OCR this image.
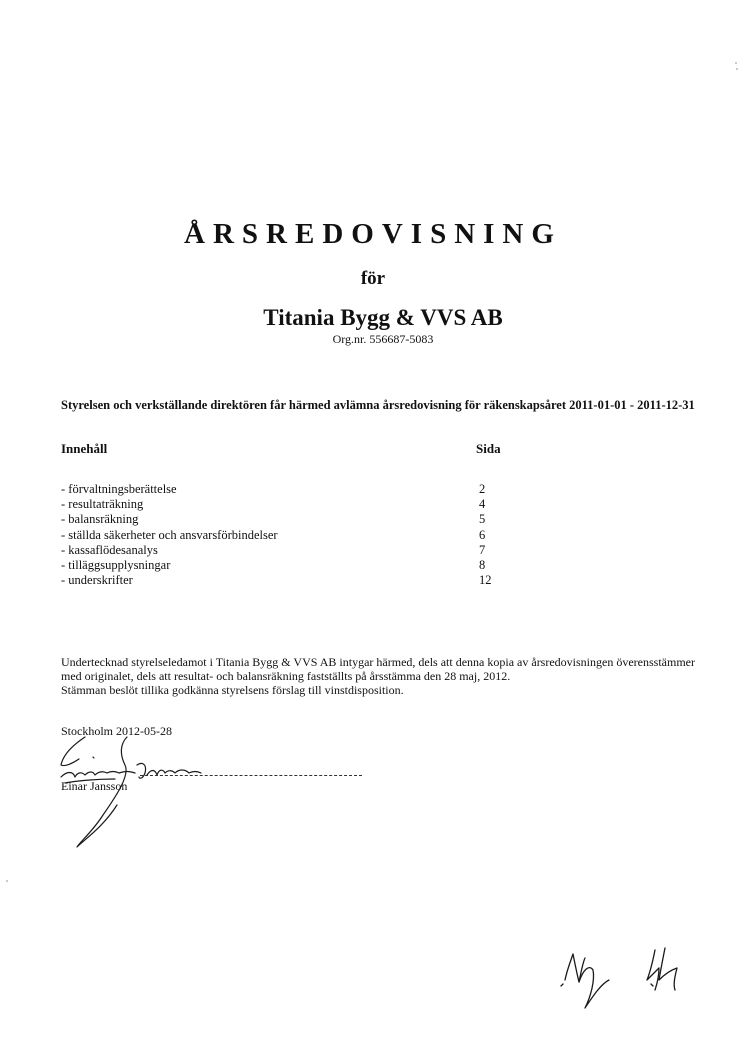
ÅRSREDOVISNING
för
Titania Bygg & VVS AB
Org.nr. 556687-5083
Styrelsen och verkställande direktören får härmed avlämna årsredovisning för räkenskapsåret 2011-01-01 - 2011-12-31
Innehåll	Sida
- förvaltningsberättelse	2
- resultaträkning	4
- balansräkning	5
- ställda säkerheter och ansvarsförbindelser	6
- kassaflödesanalys	7
- tilläggsupplysningar	8
- underskrifter	12

Undertecknad styrelseledamot i Titania Bygg & VVS AB intygar härmed, dels att denna kopia av årsredovisningen överensstämmer

med originalet, dels att resultat- och balansräkning fastställts på årsstämma den 28 maj, 2012.

Stämman beslöt tillika godkänna styrelsens förslag till vinstdisposition.

Stockholm 2012-05-28
Einar Jansson
